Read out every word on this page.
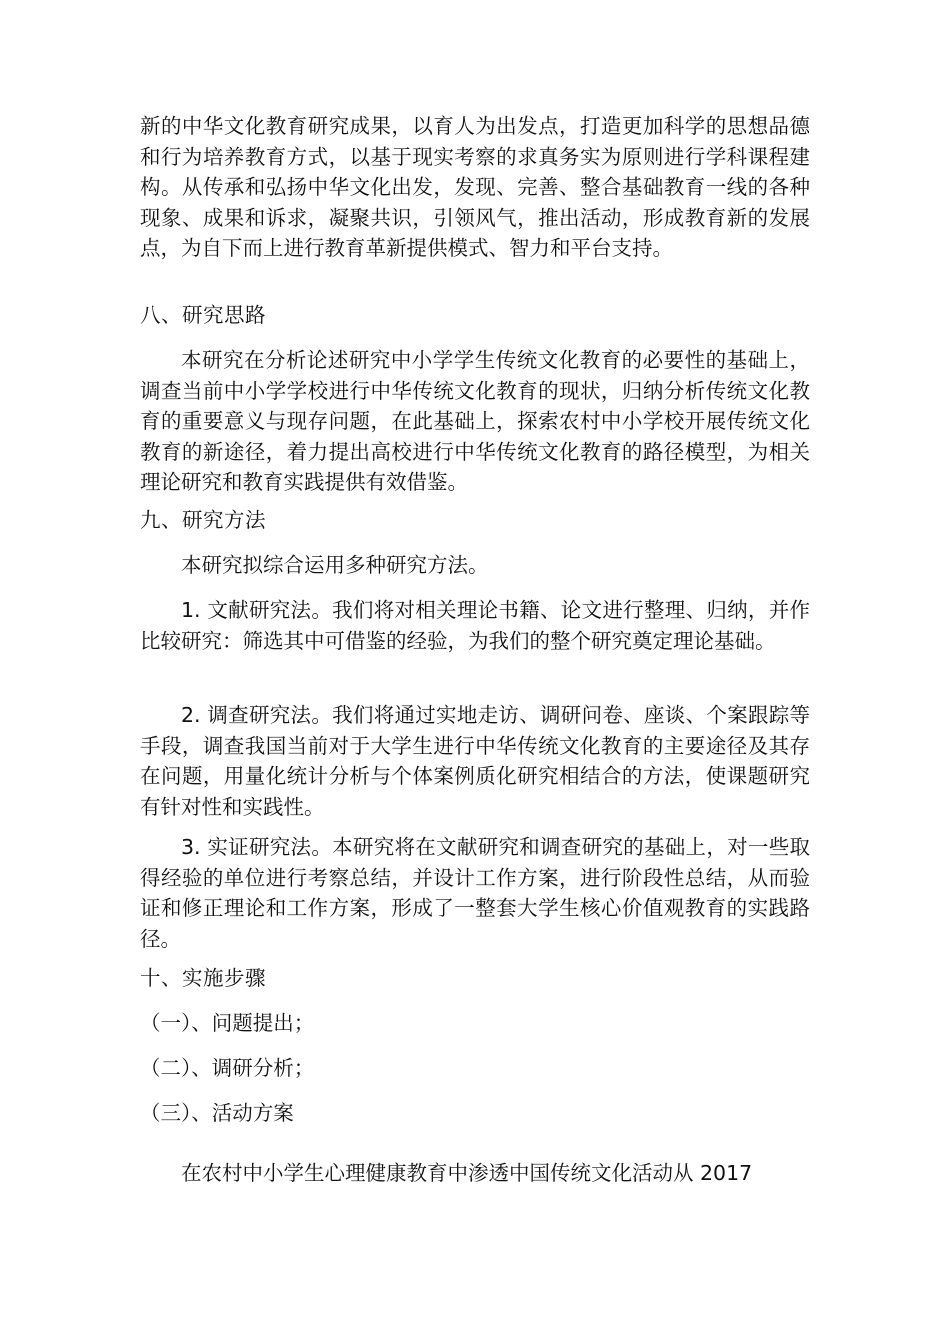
新的中华文化教育研究成果，以育人为出发点，打造更加科学的思想品德和行为培养教育方式，以基于现实考察的求真务实为原则进行学科课程建构。从传承和弘扬中华文化出发，发现、完善、整合基础教育一线的各种现象、成果和诉求，凝聚共识，引领风气，推出活动，形成教育新的发展点，为自下而上进行教育革新提供模式、智力和平台支持。
八、研究思路
本研究在分析论述研究中小学学生传统文化教育的必要性的基础上，调查当前中小学学校进行中华传统文化教育的现状，归纳分析传统文化教育的重要意义与现存问题，在此基础上，探索农村中小学校开展传统文化教育的新途径，着力提出高校进行中华传统文化教育的路径模型，为相关理论研究和教育实践提供有效借鉴。
九、研究方法
本研究拟综合运用多种研究方法。
1. 文献研究法。我们将对相关理论书籍、论文进行整理、归纳，并作比较研究：筛选其中可借鉴的经验，为我们的整个研究奠定理论基础。
2. 调查研究法。我们将通过实地走访、调研问卷、座谈、个案跟踪等手段，调查我国当前对于大学生进行中华传统文化教育的主要途径及其存在问题，用量化统计分析与个体案例质化研究相结合的方法，使课题研究有针对性和实践性。
3. 实证研究法。本研究将在文献研究和调查研究的基础上，对一些取得经验的单位进行考察总结，并设计工作方案，进行阶段性总结，从而验证和修正理论和工作方案，形成了一整套大学生核心价值观教育的实践路径。
十、实施步骤
（一）、问题提出；
（二）、调研分析；
（三）、活动方案
在农村中小学生心理健康教育中渗透中国传统文化活动从 2017
